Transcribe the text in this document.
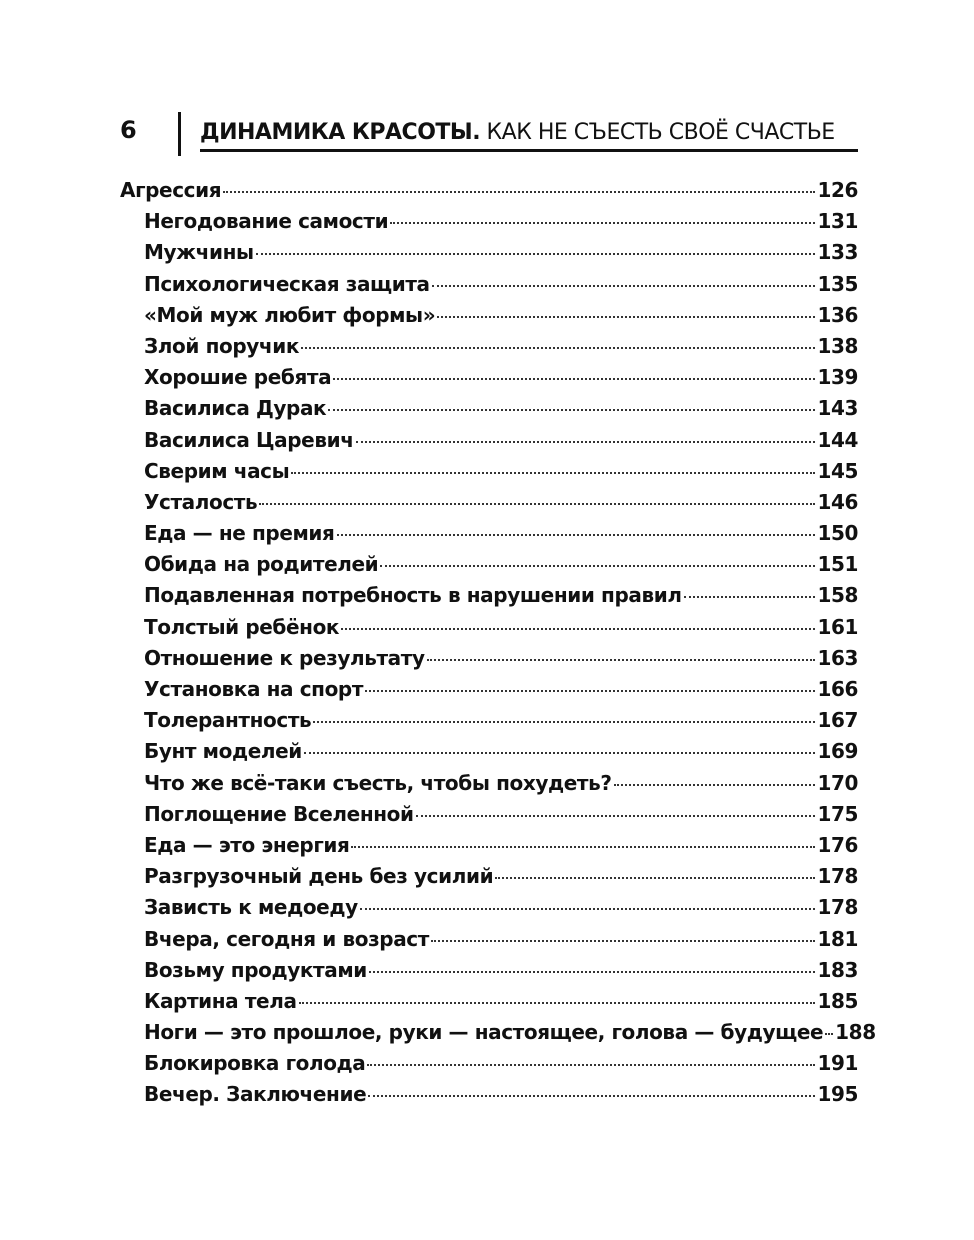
6	ДИНАМИКА КРАСОТЫ. КАК НЕ СЪЕСТЬ СВОЁ СЧАСТЬЕ
Агрессия	126
Негодование самости	131
Мужчины	133
Психологическая защита	135
«Мой муж любит формы»	136
Злой поручик	138
Хорошие ребята	139
Василиса Дурак	143
Василиса Царевич	144
Сверим часы	145
Усталость	146
Еда — не премия	150
Обида на родителей	151
Подавленная потребность в нарушении правил	158
Толстый ребёнок	161
Отношение к результату	163
Установка на спорт	166
Толерантность	167
Бунт моделей	169
Что же всё-таки съесть, чтобы похудеть?	170
Поглощение Вселенной	175
Еда — это энергия	176
Разгрузочный день без усилий	178
Зависть к медоеду	178
Вчера, сегодня и возраст	181
Возьму продуктами	183
Картина тела	185
Ноги — это прошлое, руки — настоящее, голова — будущее 188
Блокировка голода	191
Вечер. Заключение	195
